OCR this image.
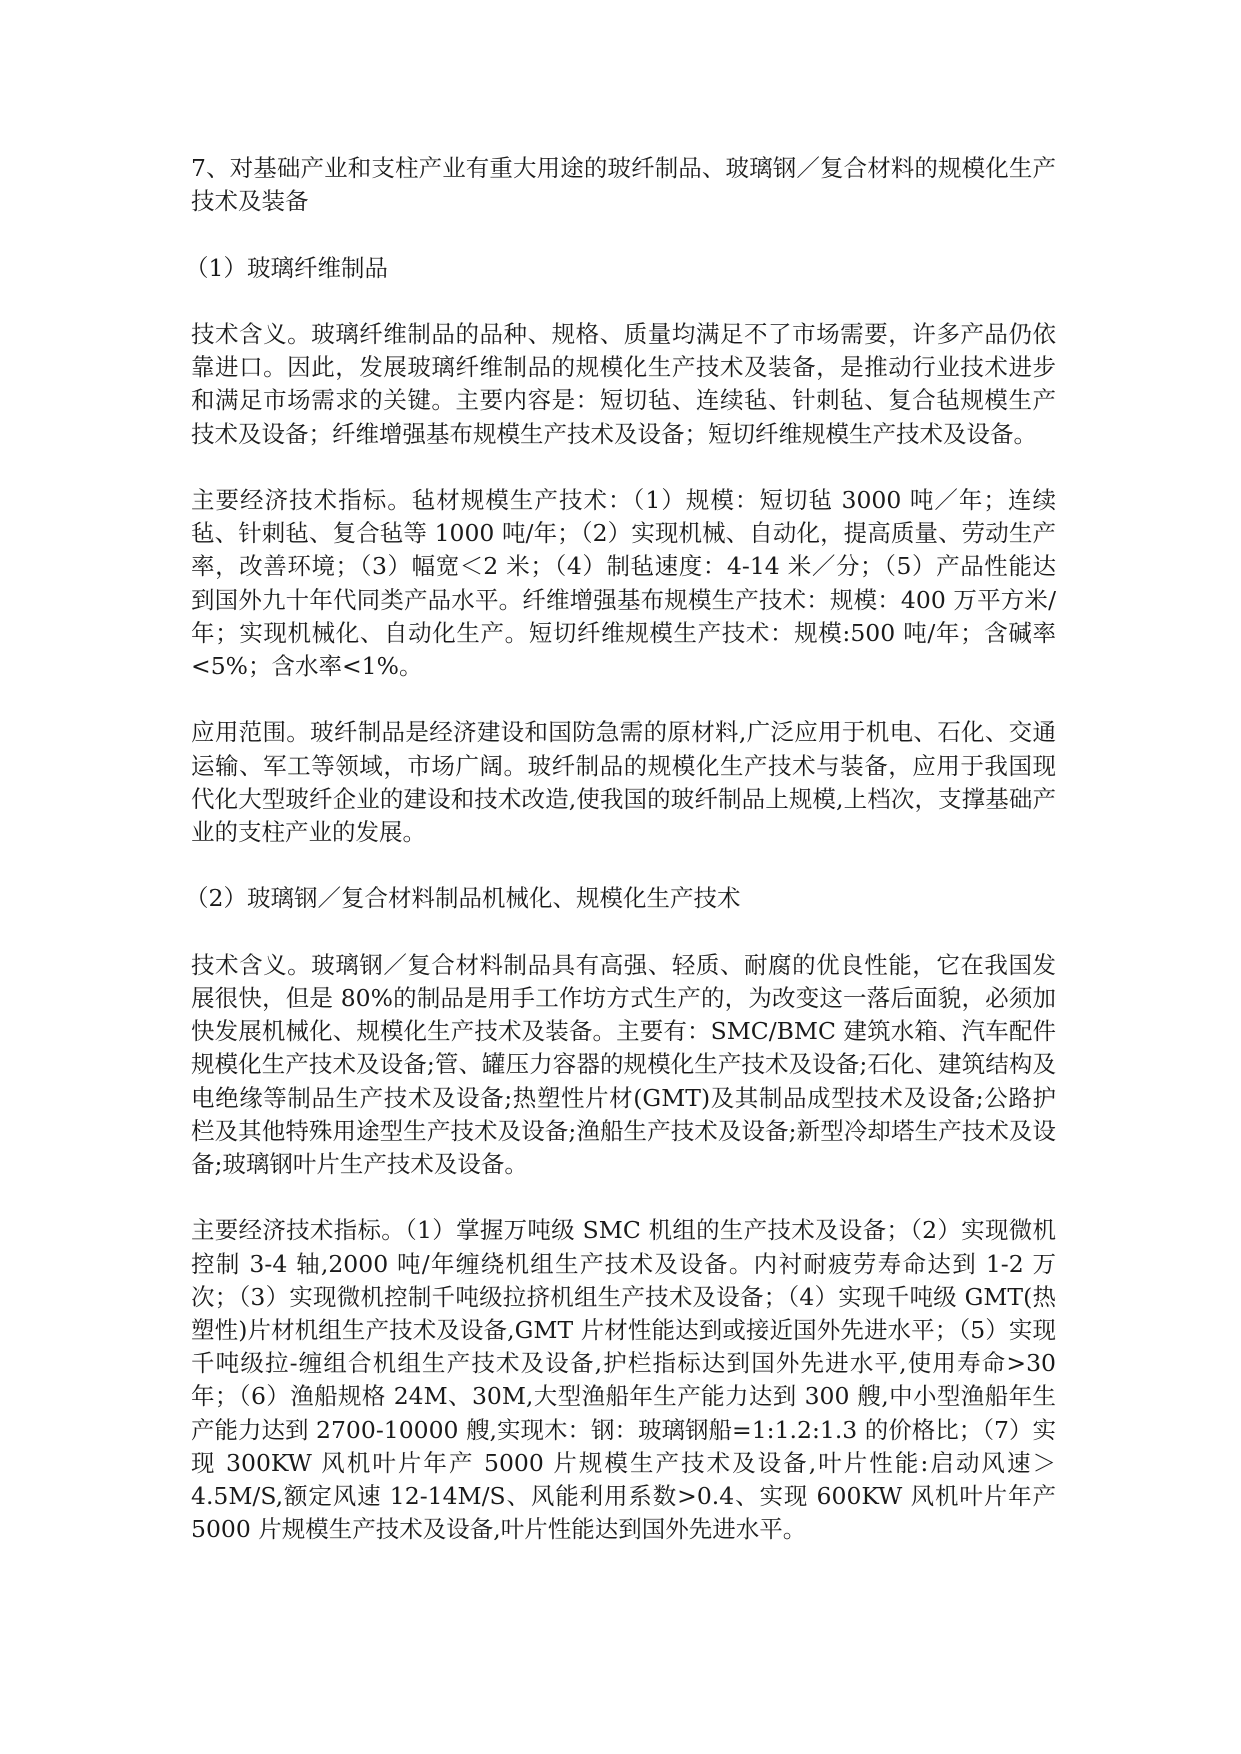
7、对基础产业和支柱产业有重大用途的玻纤制品、玻璃钢／复合材料的规模化生产技术及装备

（1）玻璃纤维制品

技术含义。玻璃纤维制品的品种、规格、质量均满足不了市场需要，许多产品仍依靠进口。因此，发展玻璃纤维制品的规模化生产技术及装备，是推动行业技术进步和满足市场需求的关键。主要内容是：短切毡、连续毡、针刺毡、复合毡规模生产技术及设备；纤维增强基布规模生产技术及设备；短切纤维规模生产技术及设备。

主要经济技术指标。毡材规模生产技术：（1）规模：短切毡 3000 吨／年；连续毡、针刺毡、复合毡等 1000 吨/年；（2）实现机械、自动化，提高质量、劳动生产率，改善环境；（3）幅宽＜2 米；（4）制毡速度：4-14 米／分；（5）产品性能达到国外九十年代同类产品水平。纤维增强基布规模生产技术：规模：400 万平方米/年；实现机械化、自动化生产。短切纤维规模生产技术：规模:500 吨/年；含碱率<5%；含水率<1%。

应用范围。玻纤制品是经济建设和国防急需的原材料,广泛应用于机电、石化、交通运输、军工等领域，市场广阔。玻纤制品的规模化生产技术与装备，应用于我国现代化大型玻纤企业的建设和技术改造,使我国的玻纤制品上规模,上档次，支撑基础产业的支柱产业的发展。

（2）玻璃钢／复合材料制品机械化、规模化生产技术

技术含义。玻璃钢／复合材料制品具有高强、轻质、耐腐的优良性能，它在我国发展很快，但是 80%的制品是用手工作坊方式生产的，为改变这一落后面貌，必须加快发展机械化、规模化生产技术及装备。主要有：SMC/BMC 建筑水箱、汽车配件规模化生产技术及设备;管、罐压力容器的规模化生产技术及设备;石化、建筑结构及电绝缘等制品生产技术及设备;热塑性片材(GMT)及其制品成型技术及设备;公路护栏及其他特殊用途型生产技术及设备;渔船生产技术及设备;新型冷却塔生产技术及设备;玻璃钢叶片生产技术及设备。

主要经济技术指标。（1）掌握万吨级 SMC 机组的生产技术及设备；（2）实现微机控制 3-4 轴,2000 吨/年缠绕机组生产技术及设备。内衬耐疲劳寿命达到 1-2 万次；（3）实现微机控制千吨级拉挤机组生产技术及设备；（4）实现千吨级 GMT(热塑性)片材机组生产技术及设备,GMT 片材性能达到或接近国外先进水平；（5）实现千吨级拉-缠组合机组生产技术及设备,护栏指标达到国外先进水平,使用寿命>30 年；（6）渔船规格 24M、30M,大型渔船年生产能力达到 300 艘,中小型渔船年生产能力达到 2700-10000 艘,实现木：钢：玻璃钢船=1:1.2:1.3 的价格比；（7）实现 300KW 风机叶片年产 5000 片规模生产技术及设备,叶片性能:启动风速＞4.5M/S,额定风速 12-14M/S、风能利用系数>0.4、实现 600KW 风机叶片年产 5000 片规模生产技术及设备,叶片性能达到国外先进水平。
